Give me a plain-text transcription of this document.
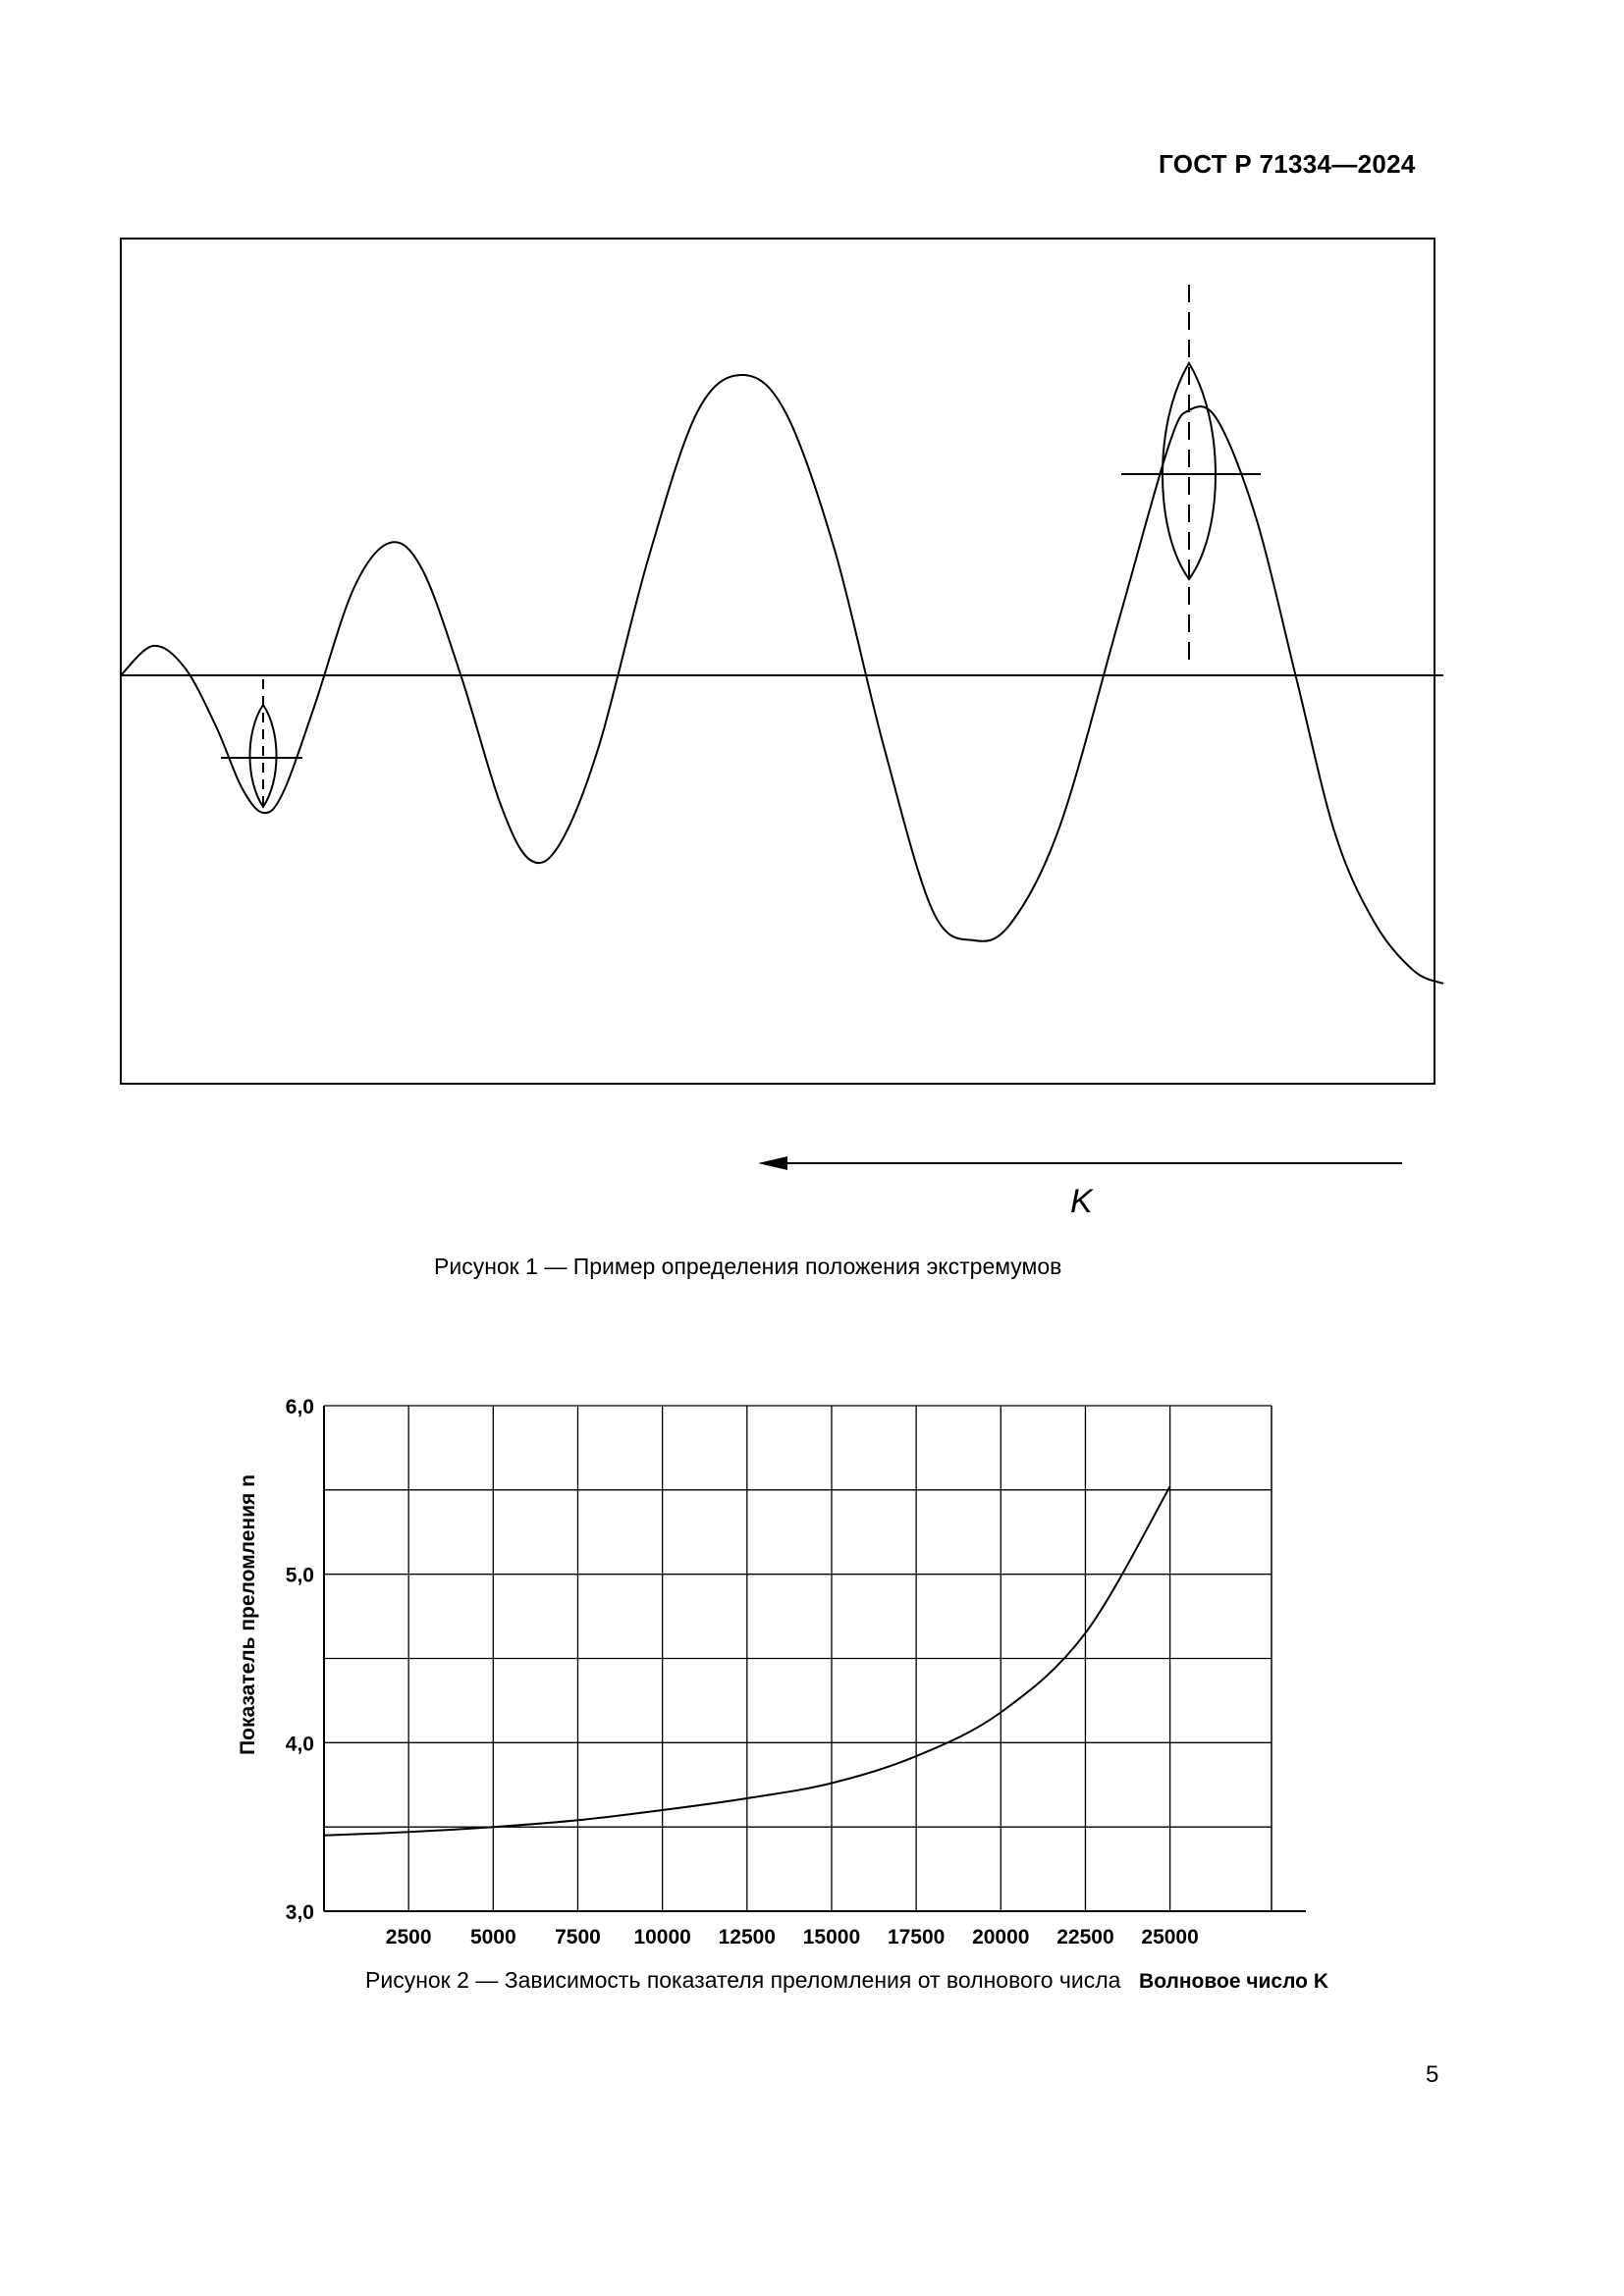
ГОСТ Р 71334—2024
K
Рисунок 1 — Пример определения положения экстремумов
2500 5000 7500 10000 12500 15000 17500 20000 22500 25000
3,0
4,0
5,0
6,0
Волновое число K
Показатель преломления n
Рисунок 2 — Зависимость показателя преломления от волнового числа
5
